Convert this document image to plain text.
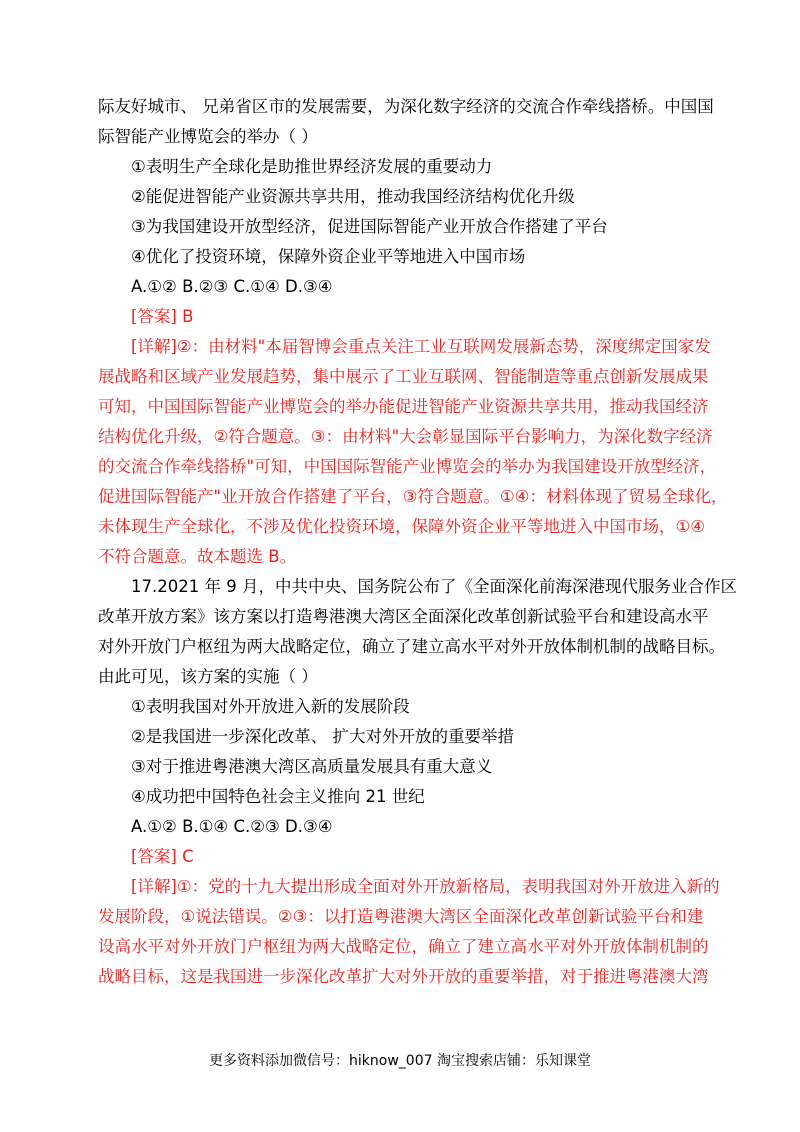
际友好城市、 兄弟省区市的发展需要，为深化数字经济的交流合作牵线搭桥。中国国
际智能产业博览会的举办（ ）
①表明生产全球化是助推世界经济发展的重要动力
②能促进智能产业资源共享共用，推动我国经济结构优化升级
③为我国建设开放型经济，促进国际智能产业开放合作搭建了平台
④优化了投资环境，保障外资企业平等地进入中国市场
A.①② B.②③ C.①④ D.③④
[答案] B
[详解]②：由材料"本届智博会重点关注工业互联网发展新态势，深度绑定国家发
展战略和区域产业发展趋势，集中展示了工业互联网、智能制造等重点创新发展成果
可知，中国国际智能产业博览会的举办能促进智能产业资源共享共用，推动我国经济
结构优化升级，②符合题意。③：由材料"大会彰显国际平台影响力，为深化数字经济
的交流合作牵线搭桥"可知，中国国际智能产业博览会的举办为我国建设开放型经济，
促进国际智能产"业开放合作搭建了平台，③符合题意。①④：材料体现了贸易全球化，
未体现生产全球化，不涉及优化投资环境，保障外资企业平等地进入中国市场，①④
不符合题意。故本题选 B。
17.2021 年 9 月，中共中央、国务院公布了《全面深化前海深港现代服务业合作区
改革开放方案》该方案以打造粤港澳大湾区全面深化改革创新试验平台和建设高水平
对外开放门户枢纽为两大战略定位，确立了建立高水平对外开放体制机制的战略目标。
由此可见，该方案的实施（ ）
①表明我国对外开放进入新的发展阶段
②是我国进一步深化改革、 扩大对外开放的重要举措
③对于推进粤港澳大湾区高质量发展具有重大意义
④成功把中国特色社会主义推向 21 世纪
A.①② B.①④ C.②③ D.③④
[答案] C
[详解]①：党的十九大提出形成全面对外开放新格局，表明我国对外开放进入新的
发展阶段，①说法错误。②③：以打造粤港澳大湾区全面深化改革创新试验平台和建
设高水平对外开放门户枢纽为两大战略定位，确立了建立高水平对外开放体制机制的
战略目标，这是我国进一步深化改革扩大对外开放的重要举措，对于推进粤港澳大湾
更多资料添加微信号：hiknow_007 淘宝搜索店铺：乐知课堂
